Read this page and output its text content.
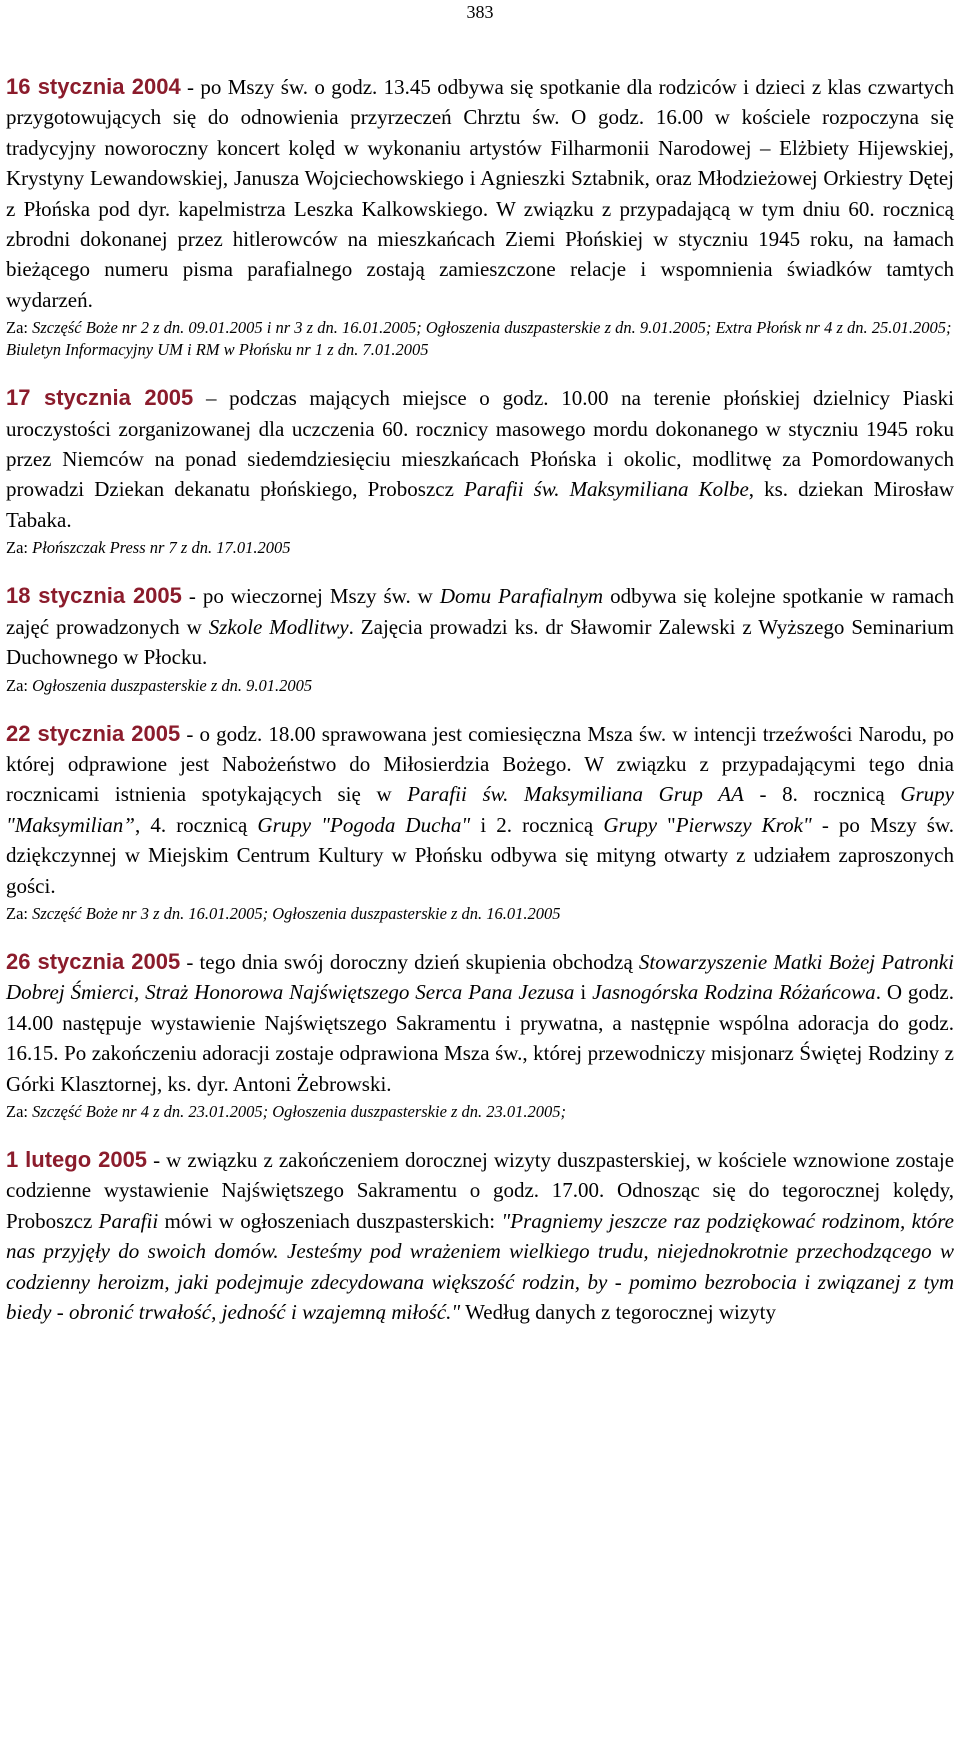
383

16 stycznia 2004 - po Mszy św. o godz. 13.45 odbywa się spotkanie dla rodziców i dzieci z klas czwartych przygotowujących się do odnowienia przyrzeczeń Chrztu św. O godz. 16.00 w kościele rozpoczyna się tradycyjny noworoczny koncert kolęd w wykonaniu artystów Filharmonii Narodowej – Elżbiety Hijewskiej, Krystyny Lewandowskiej, Janusza Wojciechowskiego i Agnieszki Sztabnik, oraz Młodzieżowej Orkiestry Dętej z Płońska pod dyr. kapelmistrza Leszka Kalkowskiego. W związku z przypadającą w tym dniu 60. rocznicą zbrodni dokonanej przez hitlerowców na mieszkańcach Ziemi Płońskiej w styczniu 1945 roku, na łamach bieżącego numeru pisma parafialnego zostają zamieszczone relacje i wspomnienia świadków tamtych wydarzeń.

Za: Szczęść Boże nr 2 z dn. 09.01.2005 i nr 3 z dn. 16.01.2005; Ogłoszenia duszpasterskie z dn. 9.01.2005; Extra Płońsk nr 4 z dn. 25.01.2005; Biuletyn Informacyjny UM i RM w Płońsku nr 1 z dn. 7.01.2005

17 stycznia 2005 – podczas mających miejsce o godz. 10.00 na terenie płońskiej dzielnicy Piaski uroczystości zorganizowanej dla uczczenia 60. rocznicy masowego mordu dokonanego w styczniu 1945 roku przez Niemców na ponad siedemdziesięciu mieszkańcach Płońska i okolic, modlitwę za Pomordowanych prowadzi Dziekan dekanatu płońskiego, Proboszcz Parafii św. Maksymiliana Kolbe, ks. dziekan Mirosław Tabaka.

Za: Płońszczak Press nr 7 z dn. 17.01.2005

18 stycznia 2005 - po wieczornej Mszy św. w Domu Parafialnym odbywa się kolejne spotkanie w ramach zajęć prowadzonych w Szkole Modlitwy. Zajęcia prowadzi ks. dr Sławomir Zalewski z Wyższego Seminarium Duchownego w Płocku.

Za: Ogłoszenia duszpasterskie z dn. 9.01.2005

22 stycznia 2005 - o godz. 18.00 sprawowana jest comiesięczna Msza św. w intencji trzeźwości Narodu, po której odprawione jest Nabożeństwo do Miłosierdzia Bożego. W związku z przypadającymi tego dnia rocznicami istnienia spotykających się w Parafii św. Maksymiliana Grup AA - 8. rocznicą Grupy "Maksymilian”, 4. rocznicą Grupy "Pogoda Ducha" i 2. rocznicą Grupy "Pierwszy Krok" - po Mszy św. dziękczynnej w Miejskim Centrum Kultury w Płońsku odbywa się mityng otwarty z udziałem zaproszonych gości.

Za: Szczęść Boże nr 3 z dn. 16.01.2005; Ogłoszenia duszpasterskie z dn. 16.01.2005

26 stycznia 2005 - tego dnia swój doroczny dzień skupienia obchodzą Stowarzyszenie Matki Bożej Patronki Dobrej Śmierci, Straż Honorowa Najświętszego Serca Pana Jezusa i Jasnogórska Rodzina Różańcowa. O godz. 14.00 następuje wystawienie Najświętszego Sakramentu i prywatna, a następnie wspólna adoracja do godz. 16.15. Po zakończeniu adoracji zostaje odprawiona Msza św., której przewodniczy misjonarz Świętej Rodziny z Górki Klasztornej, ks. dyr. Antoni Żebrowski.

Za: Szczęść Boże nr 4 z dn. 23.01.2005; Ogłoszenia duszpasterskie z dn. 23.01.2005;

1 lutego 2005 - w związku z zakończeniem dorocznej wizyty duszpasterskiej, w kościele wznowione zostaje codzienne wystawienie Najświętszego Sakramentu o godz. 17.00. Odnosząc się do tegorocznej kolędy, Proboszcz Parafii mówi w ogłoszeniach duszpasterskich: "Pragniemy jeszcze raz podziękować rodzinom, które nas przyjęły do swoich domów. Jesteśmy pod wrażeniem wielkiego trudu, niejednokrotnie przechodzącego w codzienny heroizm, jaki podejmuje zdecydowana większość rodzin, by - pomimo bezrobocia i związanej z tym biedy - obronić trwałość, jedność i wzajemną miłość." Według danych z tegorocznej wizyty
